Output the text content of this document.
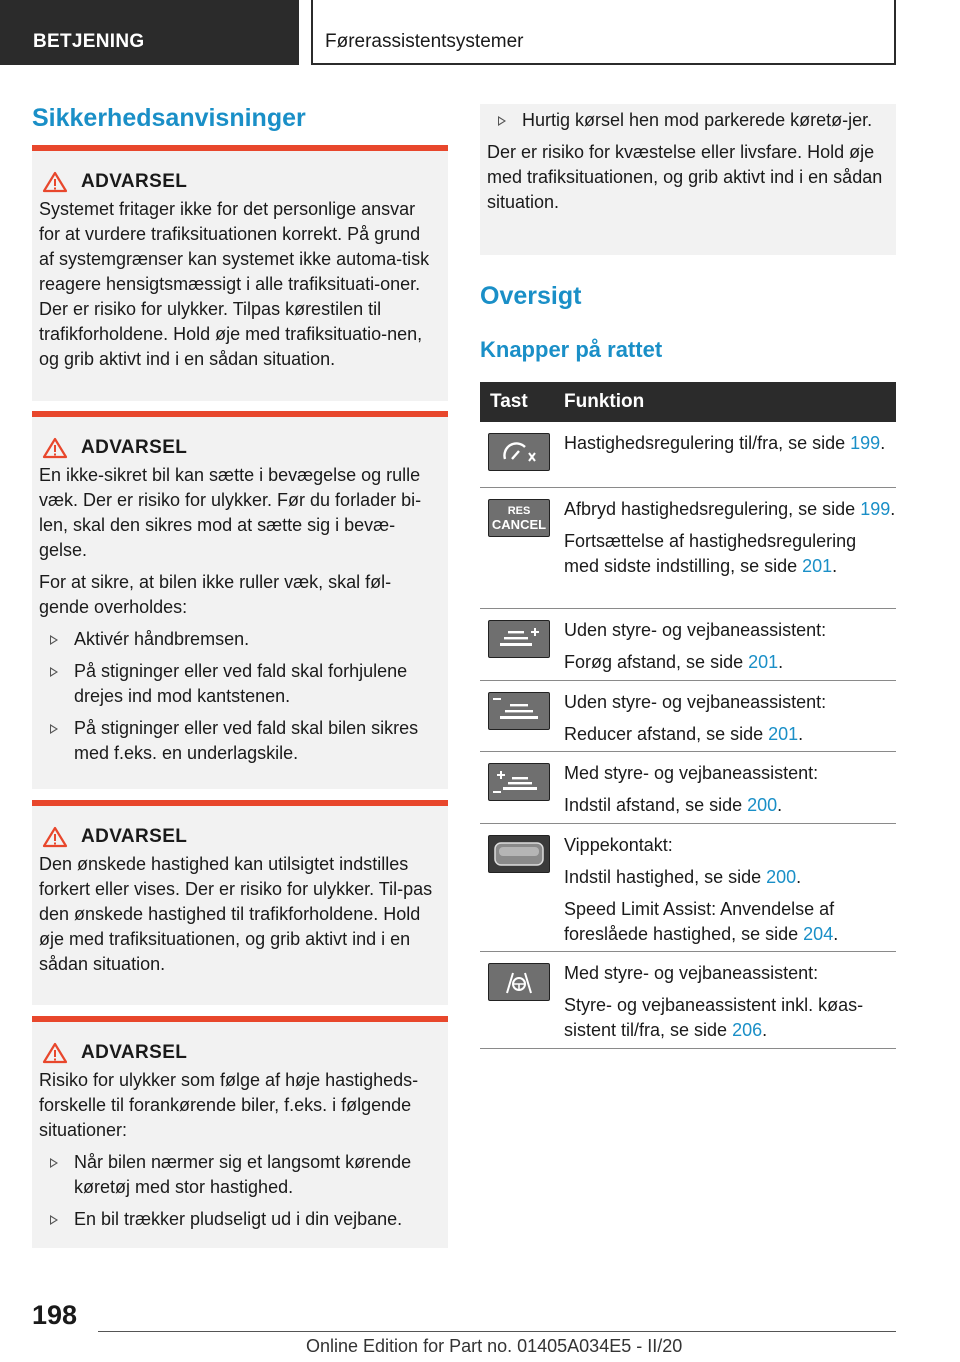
BETJENING	Førerassistentsystemer
Sikkerhedsanvisninger
ADVARSEL

Systemet fritager ikke for det personlige ansvar for at vurdere trafiksituationen korrekt. På grund af systemgrænser kan systemet ikke automa-tisk reagere hensigtsmæssigt i alle trafiksituati-oner. Der er risiko for ulykker. Tilpas kørestilen til trafikforholdene. Hold øje med trafiksituatio-nen, og grib aktivt ind i en sådan situation.

ADVARSEL

En ikke-sikret bil kan sætte i bevægelse og rulle væk. Der er risiko for ulykker. Før du forlader bi-len, skal den sikres mod at sætte sig i bevæ-gelse.

For at sikre, at bilen ikke ruller væk, skal føl-gende overholdes:

Aktivér håndbremsen.
På stigninger eller ved fald skal forhjulene drejes ind mod kantstenen.
På stigninger eller ved fald skal bilen sikres med f.eks. en underlagskile.
ADVARSEL

Den ønskede hastighed kan utilsigtet indstilles forkert eller vises. Der er risiko for ulykker. Til-pas den ønskede hastighed til trafikforholdene. Hold øje med trafiksituationen, og grib aktivt ind i en sådan situation.

ADVARSEL

Risiko for ulykker som følge af høje hastigheds-forskelle til forankørende biler, f.eks. i følgende situationer:

Når bilen nærmer sig et langsomt kørende køretøj med stor hastighed.
En bil trækker pludseligt ud i din vejbane.
Hurtig kørsel hen mod parkerede køretø-jer.

Der er risiko for kvæstelse eller livsfare. Hold øje med trafiksituationen, og grib aktivt ind i en sådan situation.

Oversigt
Knapper på rattet
Tast	Funktion

Hastighedsregulering til/fra, se side 199.

RES
CANCEL

Afbryd hastighedsregulering, se side 199.

Fortsættelse af hastighedsregulering med sidste indstilling, se side 201.

Uden styre- og vejbaneassistent:

Forøg afstand, se side 201.

Uden styre- og vejbaneassistent:

Reducer afstand, se side 201.

Med styre- og vejbaneassistent:

Indstil afstand, se side 200.

Vippekontakt:

Indstil hastighed, se side 200.

Speed Limit Assist: Anvendelse af foreslåede hastighed, se side 204.

Med styre- og vejbaneassistent:

Styre- og vejbaneassistent inkl. køas-sistent til/fra, se side 206.

198
Online Edition for Part no. 01405A034E5 - II/20
